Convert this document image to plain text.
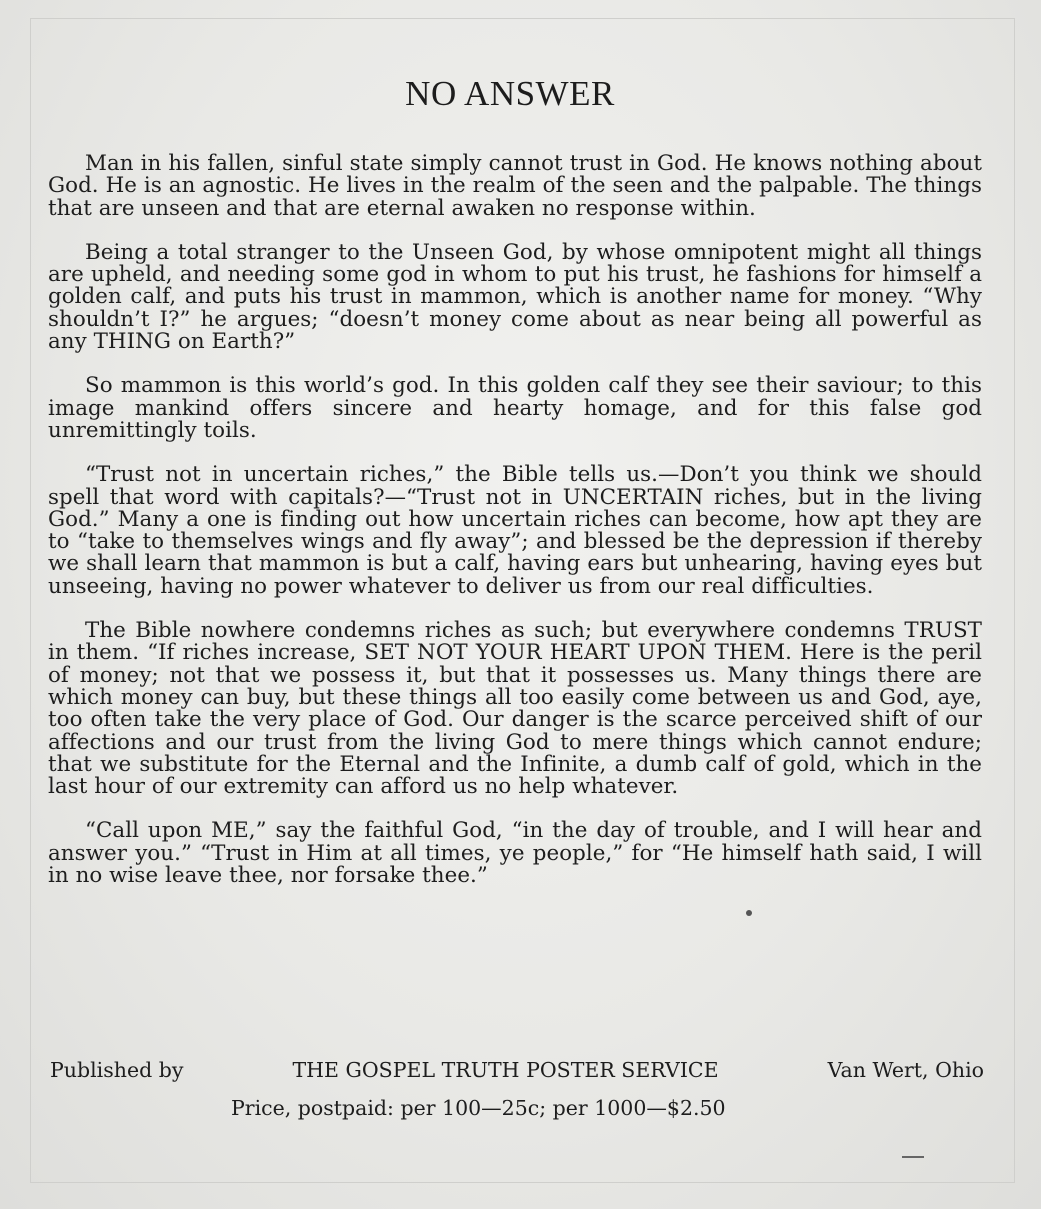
NO ANSWER

Man in his fallen, sinful state simply cannot trust in God. He knows nothing about God. He is an agnostic. He lives in the realm of the seen and the palpable. The things that are unseen and that are eternal awaken no response within.

Being a total stranger to the Unseen God, by whose omnipotent might all things are upheld, and needing some god in whom to put his trust, he fashions for himself a golden calf, and puts his trust in mammon, which is another name for money. “Why shouldn’t I?” he argues; “doesn’t money come about as near being all powerful as any THING on Earth?”

So mammon is this world’s god. In this golden calf they see their saviour; to this image mankind offers sincere and hearty homage, and for this false god unremittingly toils.

“Trust not in uncertain riches,” the Bible tells us.—Don’t you think we should spell that word with capitals?—“Trust not in UNCERTAIN riches, but in the living God.” Many a one is finding out how uncertain riches can become, how apt they are to “take to themselves wings and fly away”; and blessed be the depression if thereby we shall learn that mammon is but a calf, having ears but unhearing, having eyes but unseeing, having no power whatever to deliver us from our real difficulties.

The Bible nowhere condemns riches as such; but everywhere condemns TRUST in them. “If riches increase, SET NOT YOUR HEART UPON THEM. Here is the peril of money; not that we possess it, but that it possesses us. Many things there are which money can buy, but these things all too easily come between us and God, aye, too often take the very place of God. Our danger is the scarce perceived shift of our affections and our trust from the living God to mere things which cannot endure; that we substitute for the Eternal and the Infinite, a dumb calf of gold, which in the last hour of our extremity can afford us no help whatever.

“Call upon ME,” say the faithful God, “in the day of trouble, and I will hear and answer you.” “Trust in Him at all times, ye people,” for “He himself hath said, I will in no wise leave thee, nor forsake thee.”

Published by	THE GOSPEL TRUTH POSTER SERVICE	Van Wert, Ohio
Price, postpaid: per 100—25c; per 1000—$2.50
